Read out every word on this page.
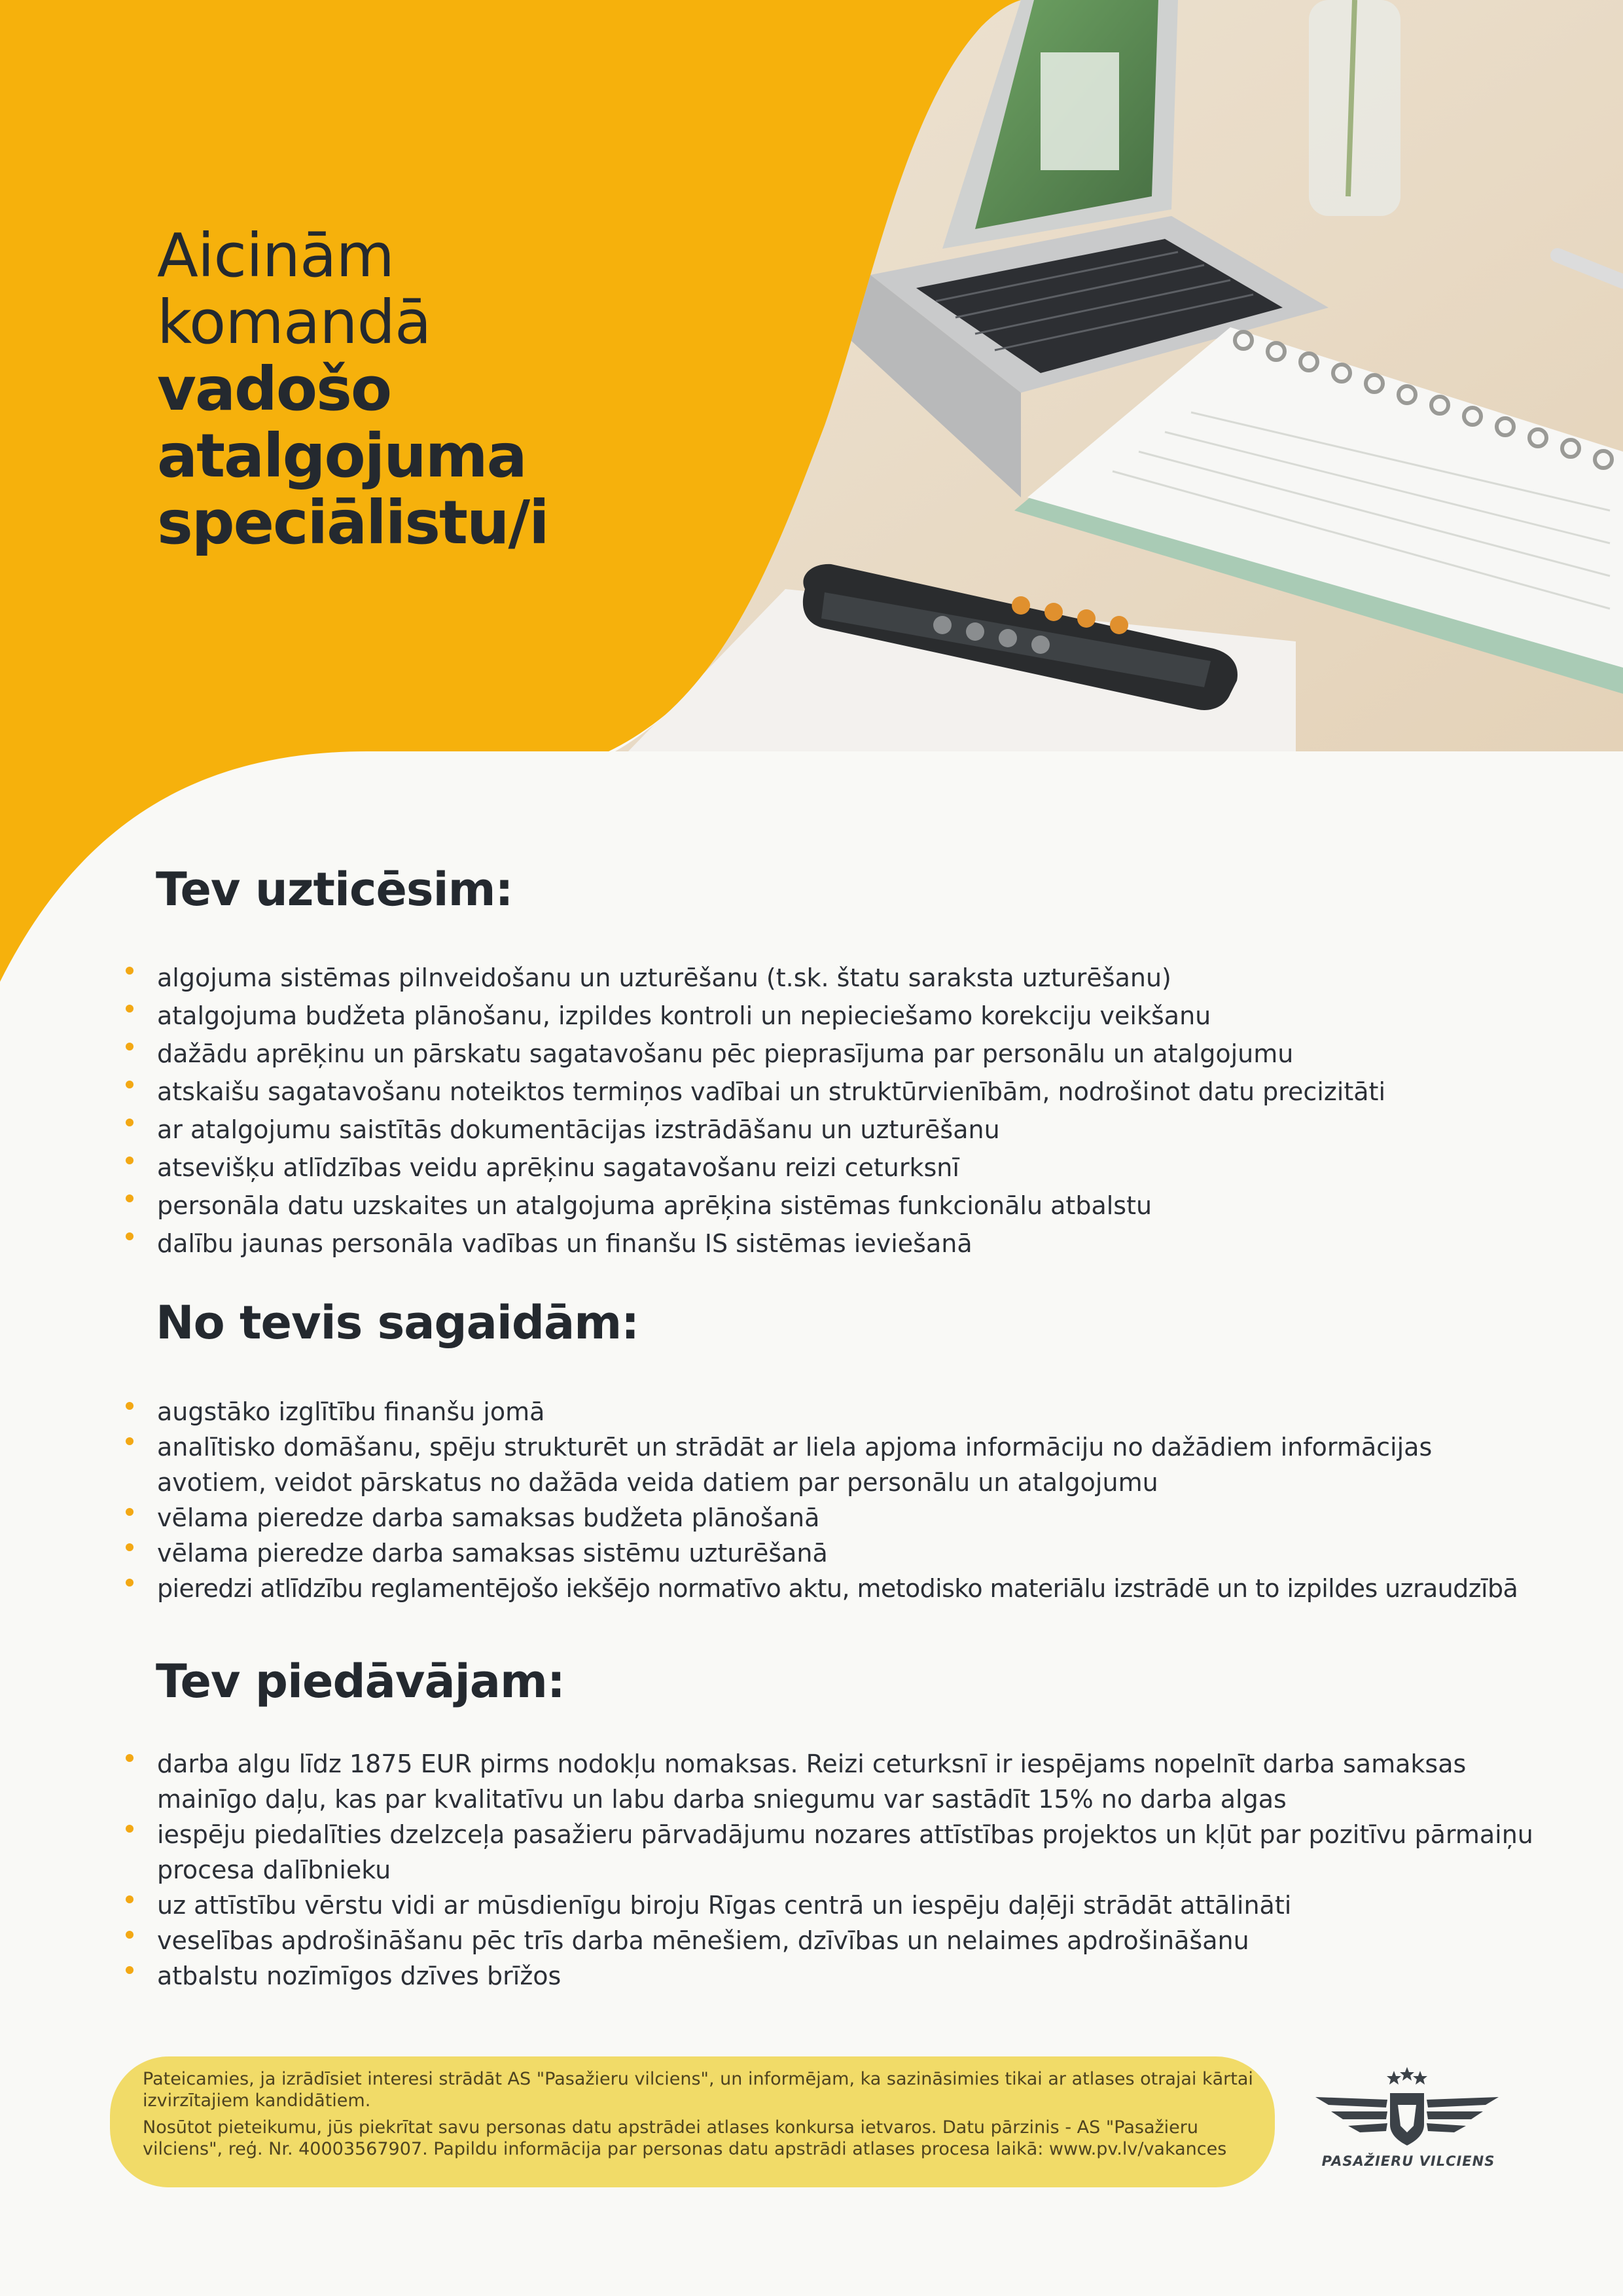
Aicinām
komandā
vadošo
atalgojuma
speciālistu/i
Tev uzticēsim:
algojuma sistēmas pilnveidošanu un uzturēšanu (t.sk. štatu saraksta uzturēšanu)
atalgojuma budžeta plānošanu, izpildes kontroli un nepieciešamo korekciju veikšanu
dažādu aprēķinu un pārskatu sagatavošanu pēc pieprasījuma par personālu un atalgojumu
atskaišu sagatavošanu noteiktos termiņos vadībai un struktūrvienībām, nodrošinot datu precizitāti
ar atalgojumu saistītās dokumentācijas izstrādāšanu un uzturēšanu
atsevišķu atlīdzības veidu aprēķinu sagatavošanu reizi ceturksnī
personāla datu uzskaites un atalgojuma aprēķina sistēmas funkcionālu atbalstu
dalību jaunas personāla vadības un finanšu IS sistēmas ieviešanā
No tevis sagaidām:
augstāko izglītību finanšu jomā
analītisko domāšanu, spēju strukturēt un strādāt ar liela apjoma informāciju no dažādiem informācijas avotiem, veidot pārskatus no dažāda veida datiem par personālu un atalgojumu
vēlama pieredze darba samaksas budžeta plānošanā
vēlama pieredze darba samaksas sistēmu uzturēšanā
pieredzi atlīdzību reglamentējošo iekšējo normatīvo aktu, metodisko materiālu izstrādē un to izpildes uzraudzībā
Tev piedāvājam:
darba algu līdz 1875 EUR pirms nodokļu nomaksas. Reizi ceturksnī ir iespējams nopelnīt darba samaksas mainīgo daļu, kas par kvalitatīvu un labu darba sniegumu var sastādīt 15% no darba algas
iespēju piedalīties dzelzceļa pasažieru pārvadājumu nozares attīstības projektos un kļūt par pozitīvu pārmaiņu procesa dalībnieku
uz attīstību vērstu vidi ar mūsdienīgu biroju Rīgas centrā un iespēju daļēji strādāt attālināti
veselības apdrošināšanu pēc trīs darba mēnešiem, dzīvības un nelaimes apdrošināšanu
atbalstu nozīmīgos dzīves brīžos

Pateicamies, ja izrādīsiet interesi strādāt AS "Pasažieru vilciens", un informējam, ka sazināsimies tikai ar atlases otrajai kārtai izvirzītajiem kandidātiem.

Nosūtot pieteikumu, jūs piekrītat savu personas datu apstrādei atlases konkursa ietvaros. Datu pārzinis - AS "Pasažieru vilciens", reģ. Nr. 40003567907. Papildu informācija par personas datu apstrādi atlases procesa laikā: www.pv.lv/vakances

PASAŽIERU VILCIENS
